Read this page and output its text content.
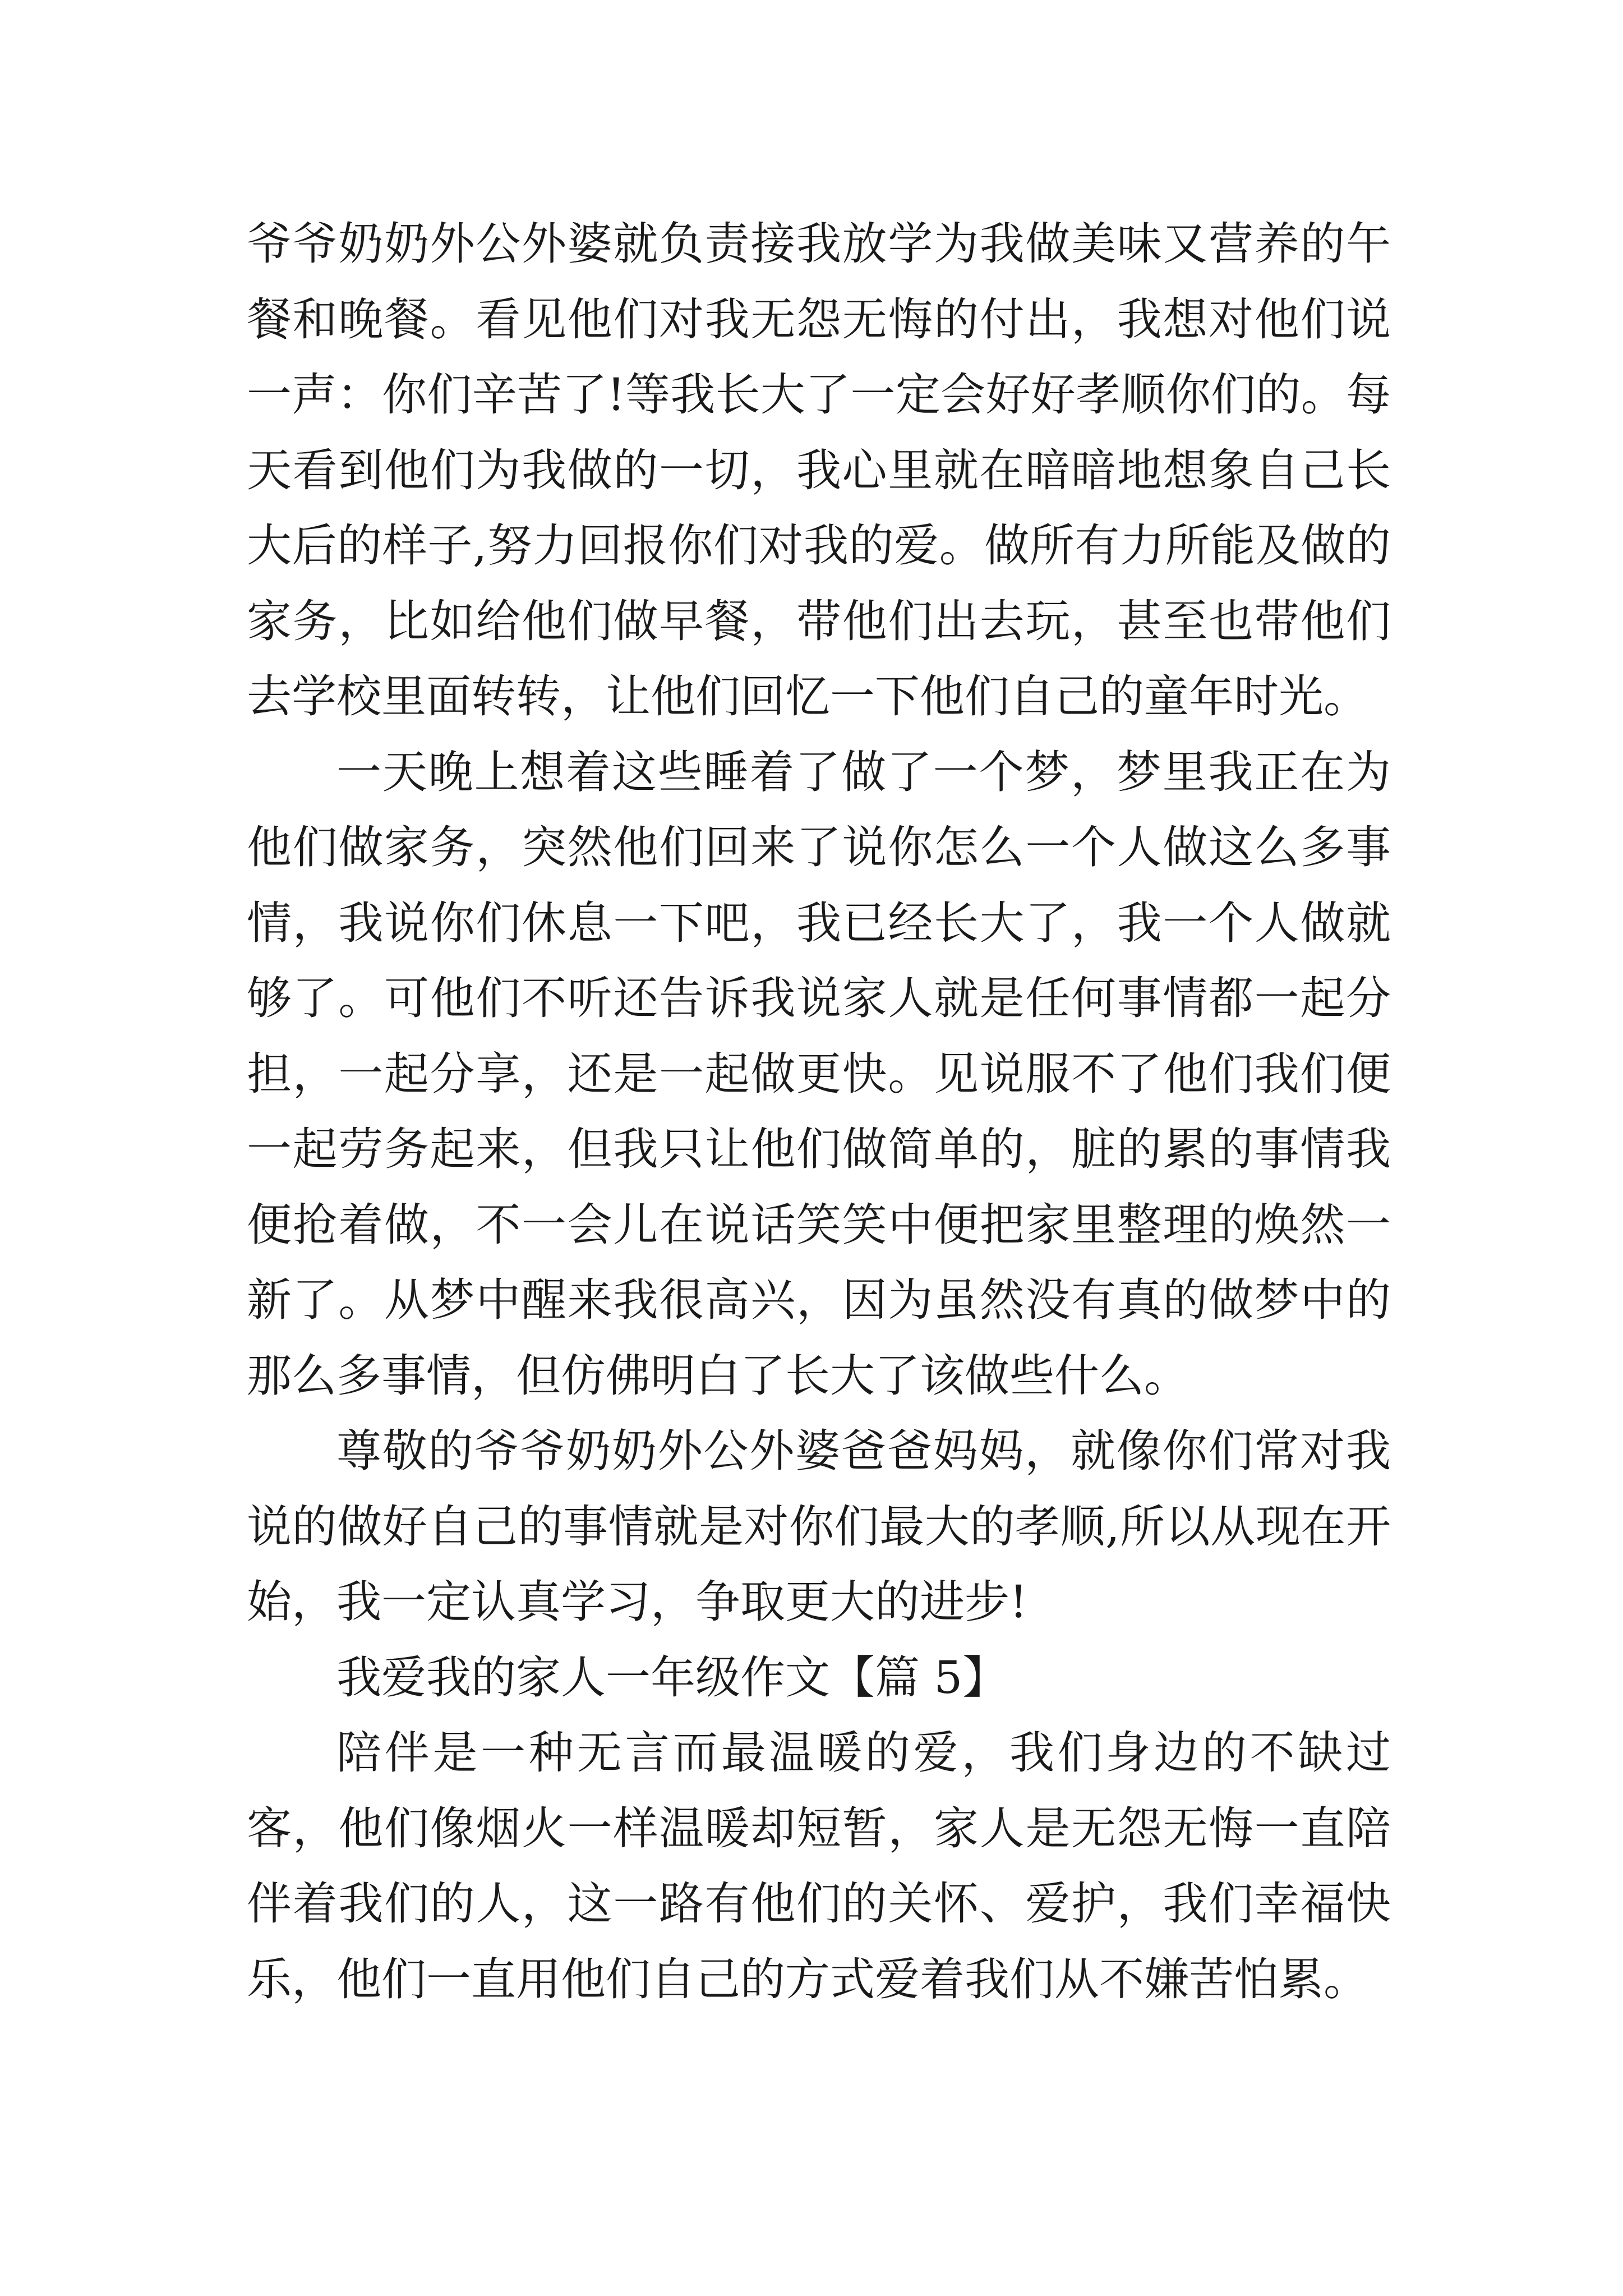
爷爷奶奶外公外婆就负责接我放学为我做美味又营养的午餐和晚餐。看见他们对我无怨无悔的付出，我想对他们说一声：你们辛苦了!等我长大了一定会好好孝顺你们的。每天看到他们为我做的一切，我心里就在暗暗地想象自己长大后的样子,努力回报你们对我的爱。做所有力所能及做的家务，比如给他们做早餐，带他们出去玩，甚至也带他们去学校里面转转，让他们回忆一下他们自己的童年时光。

一天晚上想着这些睡着了做了一个梦，梦里我正在为他们做家务，突然他们回来了说你怎么一个人做这么多事情，我说你们休息一下吧，我已经长大了，我一个人做就够了。可他们不听还告诉我说家人就是任何事情都一起分担，一起分享，还是一起做更快。见说服不了他们我们便一起劳务起来，但我只让他们做简单的，脏的累的事情我便抢着做，不一会儿在说话笑笑中便把家里整理的焕然一新了。从梦中醒来我很高兴，因为虽然没有真的做梦中的那么多事情，但仿佛明白了长大了该做些什么。

尊敬的爷爷奶奶外公外婆爸爸妈妈，就像你们常对我说的做好自己的事情就是对你们最大的孝顺,所以从现在开始，我一定认真学习，争取更大的进步!

我爱我的家人一年级作文【篇 5】

陪伴是一种无言而最温暖的爱，我们身边的不缺过客，他们像烟火一样温暖却短暂，家人是无怨无悔一直陪伴着我们的人，这一路有他们的关怀、爱护，我们幸福快乐，他们一直用他们自己的方式爱着我们从不嫌苦怕累。
